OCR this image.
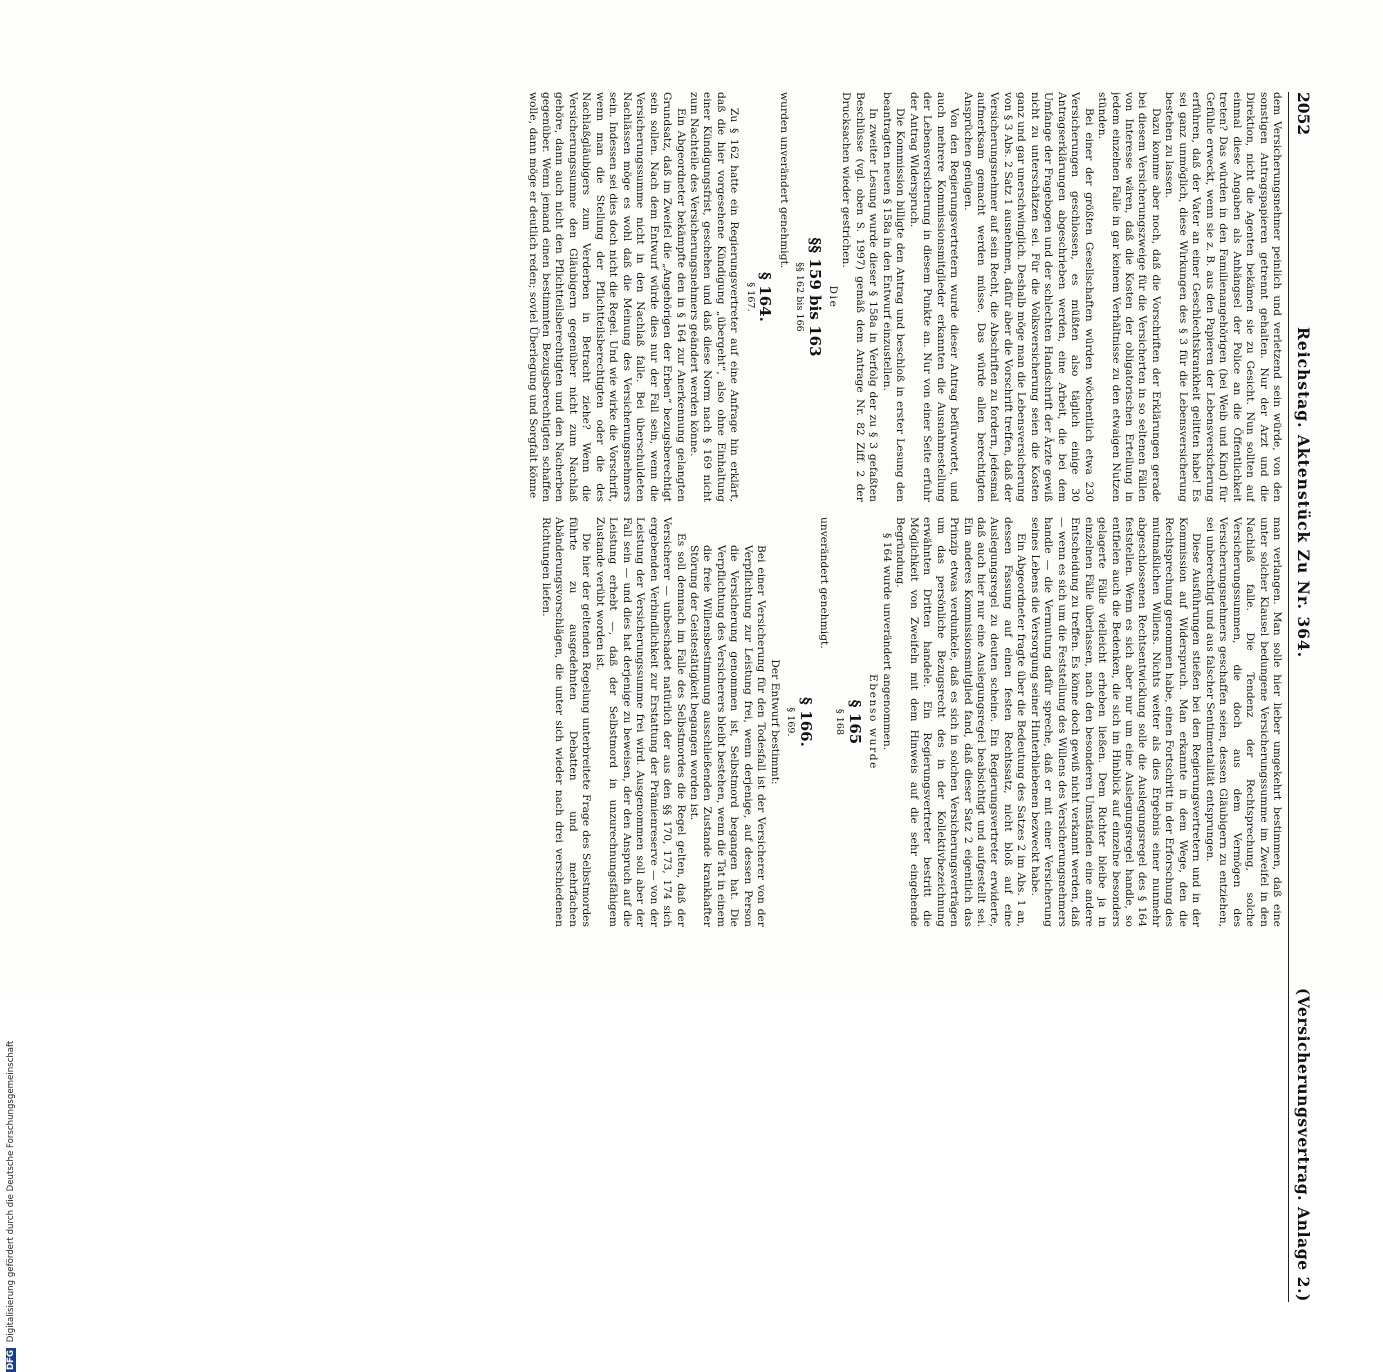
2052
Reichstag. Aktenstück Zu Nr. 364.
(Versicherungsvertrag. Anlage 2.)

dem Versicherungsnehmer peinlich und verletzend sein würde, von den sonstigen Antragspapieren getrennt gehalten. Nur der Arzt und die Direktion, nicht die Agenten bekämen sie zu Gesicht. Nun sollten auf einmal diese Angaben als Anhängsel der Police an die Öffentlichkeit treten? Das würden in den Familienangehörigen (bei Weib und Kind) für Gefühle erweckt, wenn sie z. B. aus den Papieren der Lebensversicherung erführen, daß der Vater an einer Geschlechtskrankheit gelitten habe! Es sei ganz unmöglich, diese Wirkungen des § 3 für die Lebensversicherung bestehen zu lassen.

Dazu komme aber noch, daß die Vorschriften der Erklärungen gerade bei diesem Versicherungszweige für die Versicherten in so seltenen Fällen von Interesse wären, daß die Kosten der obligatorischen Erteilung in jedem einzelnen Falle in gar keinem Verhältnisse zu den etwaigen Nutzen stünden.

Bei einer der größten Gesellschaften würden wöchentlich etwa 230 Versicherungen geschlossen, es müßten also täglich einige 30 Antragserklärungen abgeschrieben werden, eine Arbeit, die bei dem Umfange der Fragebogen und der schlechten Handschrift der Ärzte gewiß nicht zu unterschätzen sei. Für die Volksversicherung seien die Kosten ganz und gar unerschwinglich. Deshalb möge man die Lebensversicherung von § 3 Abs. 2 Satz 1 ausnehmen, dafür aber die Vorschrift treffen, daß der Versicherungsnehmer auf sein Recht, die Abschriften zu fordern, jedesmal aufmerksam gemacht werden müsse. Das würde allen berechtigten Ansprüchen genügen.

Von den Regierungsvertretern wurde dieser Antrag befürwortet, und auch mehrere Kommissionsmitglieder erkannten die Ausnahmestellung der Lebensversicherung in diesem Punkte an. Nur von einer Seite erfuhr der Antrag Widerspruch.

Die Kommission billigte den Antrag und beschloß in erster Lesung den beantragten neuen § 158a in den Entwurf einzustellen.

In zweiter Lesung wurde dieser § 158a in Verfolg der zu § 3 gefaßten Beschlüsse (vgl. oben S. 1997) gemäß dem Antrage Nr. 82 Ziff. 2 der Drucksachen wieder gestrichen.

Die

§§ 159 bis 163
§§ 162 bis 166

wurden unverändert genehmigt.

§ 164.
§ 167.

Zu § 162 hatte ein Regierungsvertreter auf eine Anfrage hin erklärt, daß die hier vorgesehene Kündigung „übergeht“, also ohne Einhaltung einer Kündigungsfrist, geschehen und daß diese Norm nach § 169 nicht zum Nachteile des Versicherungsnehmers geändert werden könne.

Ein Abgeordneter bekämpfte den in § 164 zur Anerkennung gelangten Grundsatz, daß im Zweifel die „Angehörigen der Erben“ bezugsberechtigt sein sollen. Nach dem Entwurf würde dies nur der Fall sein, wenn die Versicherungssumme nicht in den Nachlaß falle. Bei überschuldeten Nachlässen möge es wohl daß die Meinung des Versicherungsnehmers sein. Indessen sei dies doch nicht die Regel. Und wie wirke die Vorschrift, wenn man die Stellung der Pflichtteilsberechtigten oder die des Nachlaßgläubigers zum Verderben in Betracht ziehe? Wenn die Versicherungssumme den Gläubigern gegenüber nicht zum Nachlaß gehöre, dann auch nicht den Pflichtteilsberechtigten und den Nacherben gegenüber. Wenn jemand einen bestimmten Bezugsberechtigten schaffen wolle, dann möge er deutlich reden; soviel Überlegung und Sorgfalt könne

man verlangen. Man solle hier lieber umgekehrt bestimmen, daß eine unter solcher Klausel bedungene Versicherungssumme im Zweifel in den Nachlaß falle. Die Tendenz der Rechtsprechung, solche Versicherungssummen, die doch aus dem Vermögen des Versicherungsnehmers geschaffen seien, dessen Gläubigern zu entziehen, sei unberechtigt und aus falscher Sentimentalität entsprungen.

Diese Ausführungen stießen bei den Regierungsvertretern und in der Kommission auf Widerspruch. Man erkannte in dem Wege, den die Rechtsprechung genommen habe, einen Fortschritt in der Erforschung des mutmaßlichen Willens. Nichts weiter als dies Ergebnis einer nunmehr abgeschlossenen Rechtsentwicklung solle die Auslegungsregel des § 164 feststellen. Wenn es sich aber nur um eine Auslegungsregel handle, so entfielen auch die Bedenken, die sich im Hinblick auf einzelne besonders gelagerte Fälle vielleicht erheben ließen. Dem Richter bleibe ja in einzelnen Fälle überlassen, nach den besonderen Umständen eine andere Entscheidung zu treffen. Es könne doch gewiß nicht verkannt werden, daß — wenn es sich um die Feststellung des Willens des Versicherungsnehmers handle — die Vermutung dafür spreche, daß er mit einer Versicherung seines Lebens die Versorgung seiner Hinterbliebenen bezweckt habe.

Ein Abgeordneter fragte über die Bedeutung des Satzes 2 im Abs. 1 an, dessen Fassung auf einen festen Rechtssatz, nicht bloß auf eine Auslegungsregel zu deuten scheine. Ein Regierungsvertreter erwiderte, daß auch hier nur eine Auslegungsregel beabsichtigt und aufgestellt sei. Ein anderes Kommissionsmitglied fand, daß dieser Satz 2 eigentlich das Prinzip etwas verdunkele, daß es sich in solchen Versicherungsverträgen um das persönliche Bezugsrecht des in der Kollektivbezeichnung erwähnten Dritten handele. Ein Regierungsvertreter bestritt die Möglichkeit von Zweifeln mit dem Hinweis auf die sehr eingehende Begründung.

§ 164 wurde unverändert angenommen.

Ebenso wurde

§ 165
§ 168

unverändert genehmigt.

§ 166.
§ 169.

Der Entwurf bestimmt:

Bei einer Versicherung für den Todesfall ist der Versicherer von der Verpflichtung zur Leistung frei, wenn derjenige, auf dessen Person die Versicherung genommen ist, Selbstmord begangen hat. Die Verpflichtung des Versicherers bleibt bestehen, wenn die Tat in einem die freie Willensbestimmung ausschließenden Zustande krankhafter Störung der Geistestätigkeit begangen worden ist.

Es soll demnach im Falle des Selbstmordes die Regel gelten, daß der Versicherer — unbeschadet natürlich der aus den §§ 170, 173, 174 sich ergebenden Verbindlichkeit zur Erstattung der Prämienreserve — von der Leistung der Versicherungssumme frei wird. Ausgenommen soll aber der Fall sein — und dies hat derjenige zu beweisen, der den Anspruch auf die Leistung erhebt —, daß der Selbstmord in unzurechnungsfähigem Zustande verübt worden ist.

Die hier der geltenden Regelung unterbreitete Frage des Selbstmordes führte zu ausgedehnten Debatten und mehrfachen Abänderungsvorschlägen, die unter sich wieder nach drei verschiedenen Richtungen liefen.

DFG Digitalisierung gefördert durch die Deutsche Forschungsgemeinschaft
